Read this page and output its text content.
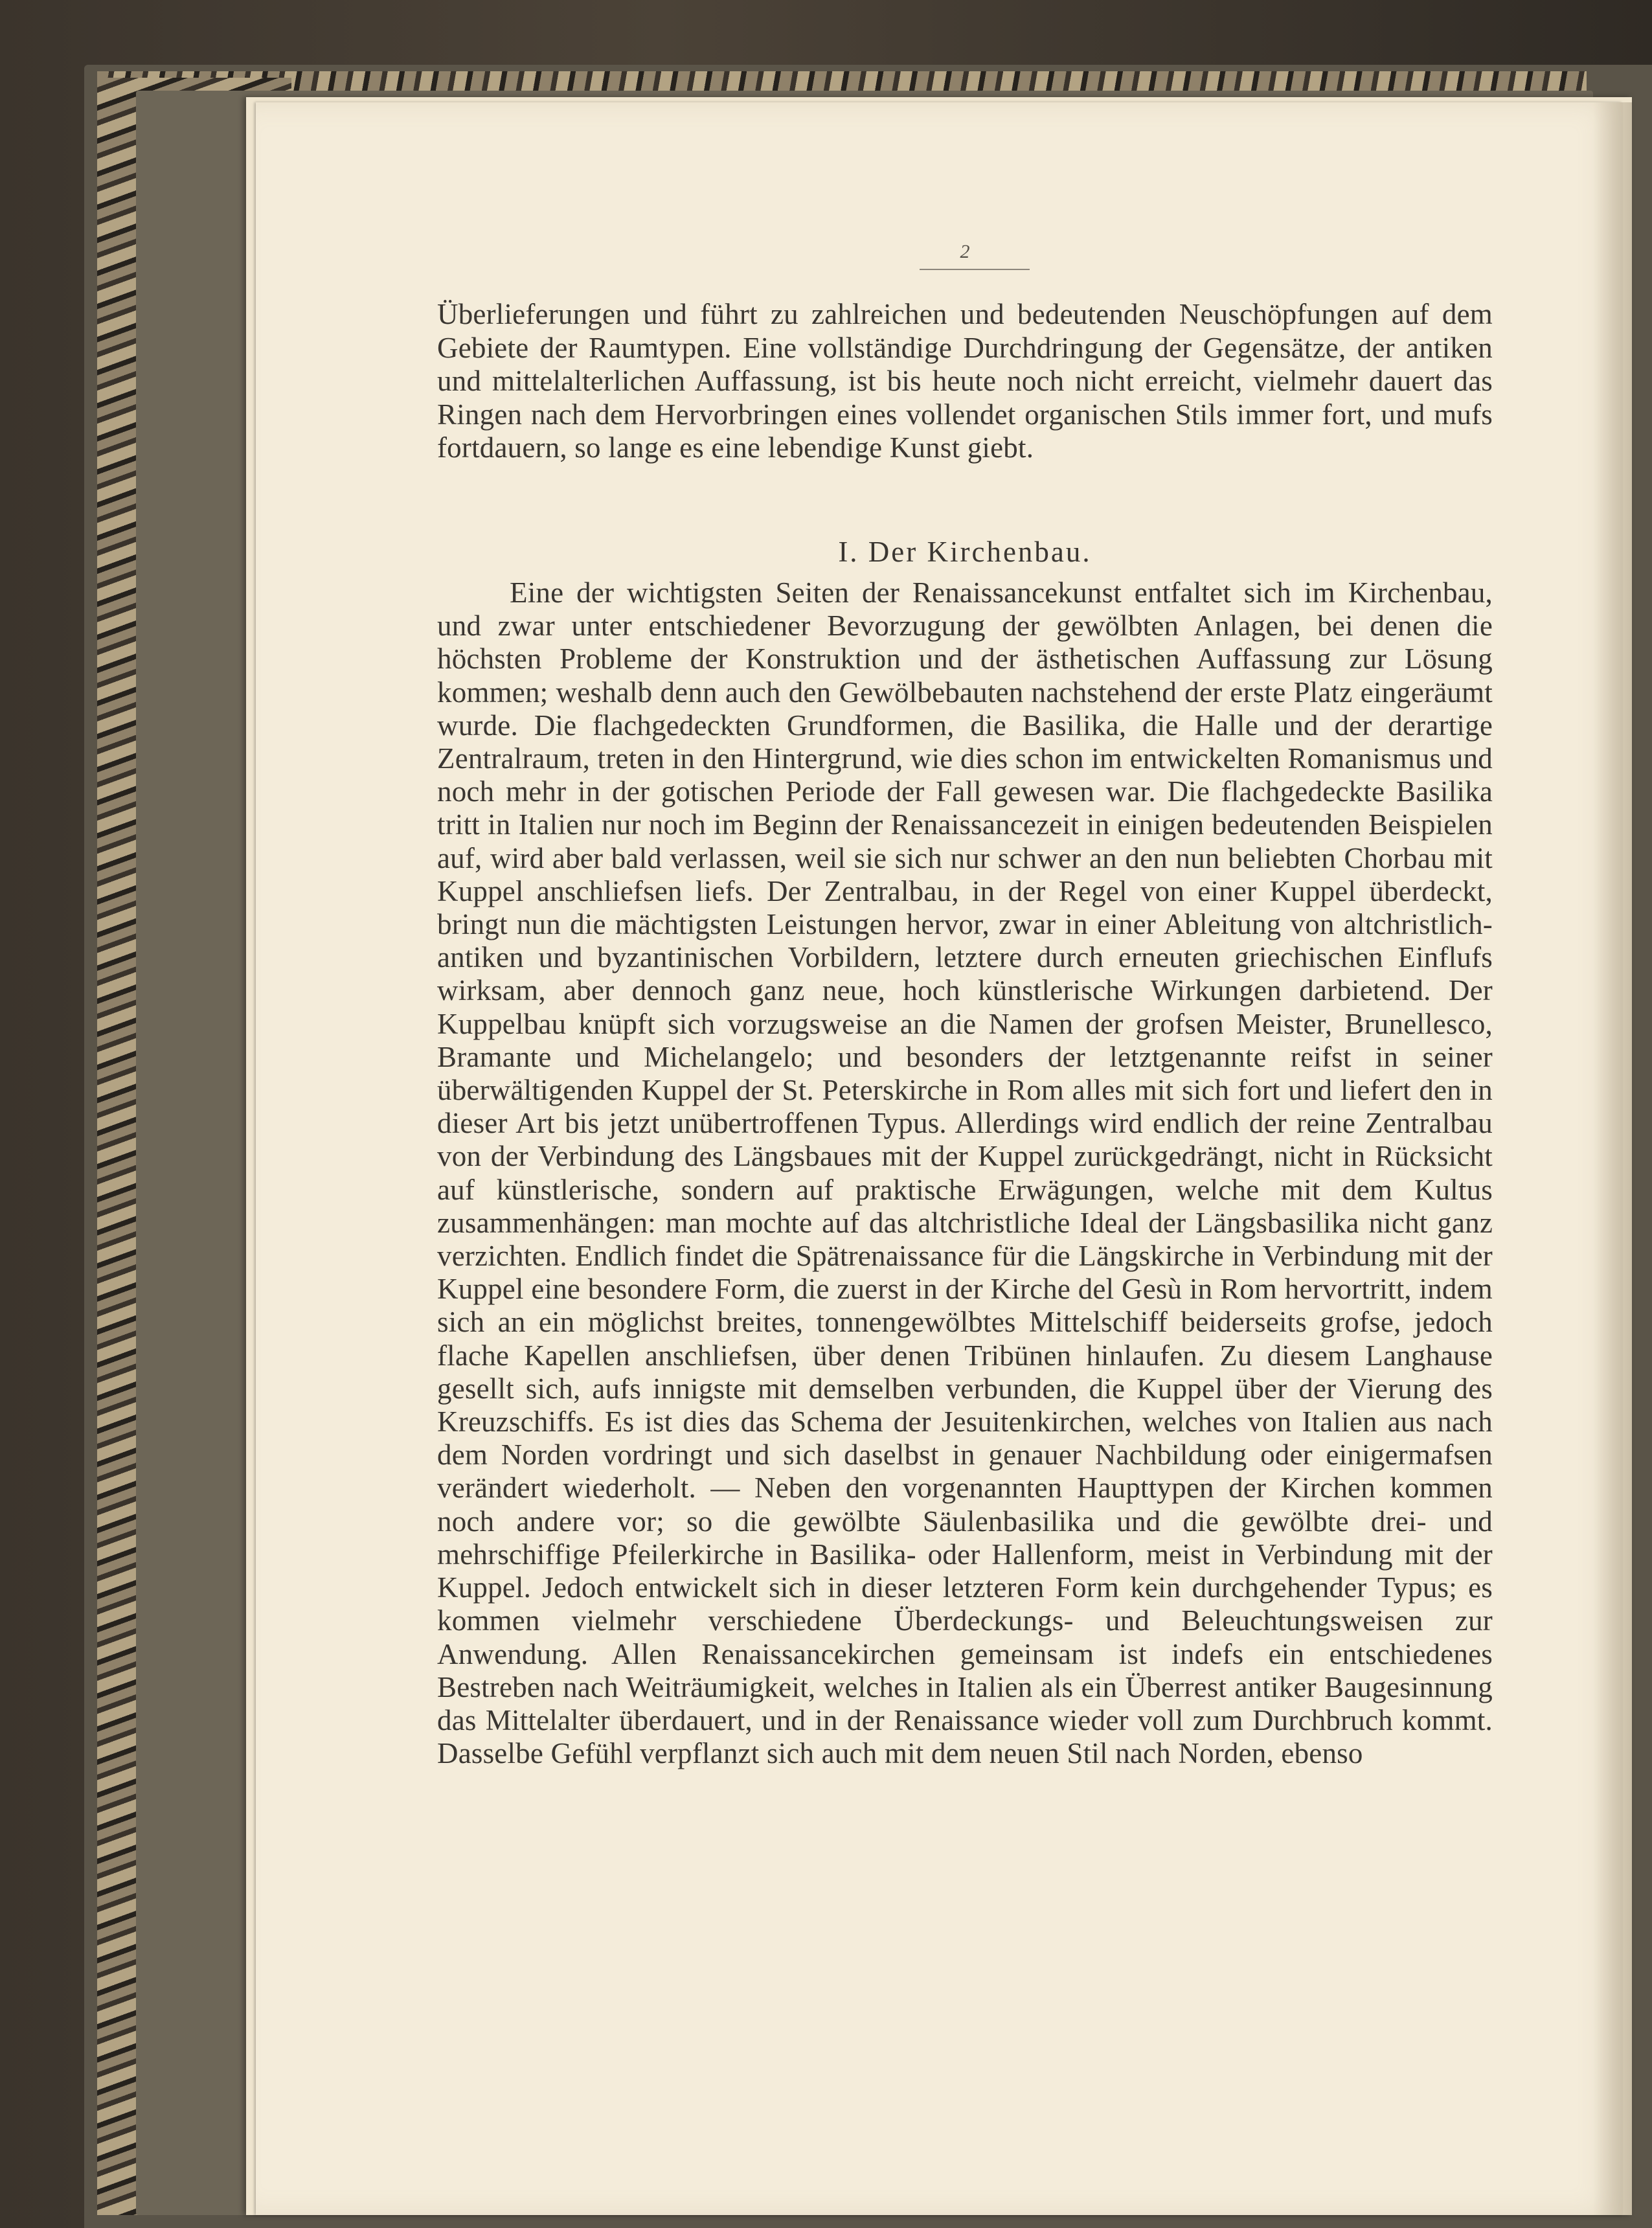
2

Überlieferungen und führt zu zahlreichen und bedeutenden Neuschöpfungen auf dem Gebiete der Raumtypen. Eine vollständige Durchdringung der Gegensätze, der antiken und mittelalterlichen Auffassung, ist bis heute noch nicht erreicht, vielmehr dauert das Ringen nach dem Hervorbringen eines vollendet organischen Stils immer fort, und mufs fortdauern, so lange es eine lebendige Kunst giebt.

I. Der Kirchenbau.

Eine der wichtigsten Seiten der Renaissancekunst entfaltet sich im Kirchenbau, und zwar unter entschiedener Bevorzugung der gewölbten Anlagen, bei denen die höchsten Probleme der Konstruktion und der ästhetischen Auffassung zur Lösung kommen; weshalb denn auch den Gewölbebauten nachstehend der erste Platz eingeräumt wurde. Die flachgedeckten Grundformen, die Basilika, die Halle und der derartige Zentralraum, treten in den Hintergrund, wie dies schon im entwickelten Romanismus und noch mehr in der gotischen Periode der Fall gewesen war. Die flachgedeckte Basilika tritt in Italien nur noch im Beginn der Renaissancezeit in einigen bedeutenden Beispielen auf, wird aber bald verlassen, weil sie sich nur schwer an den nun beliebten Chorbau mit Kuppel anschliefsen liefs. Der Zentralbau, in der Regel von einer Kuppel überdeckt, bringt nun die mächtigsten Leistungen hervor, zwar in einer Ableitung von altchristlich-antiken und byzantinischen Vorbildern, letztere durch erneuten griechischen Einflufs wirksam, aber dennoch ganz neue, hoch künstlerische Wirkungen darbietend. Der Kuppelbau knüpft sich vorzugsweise an die Namen der grofsen Meister, Brunellesco, Bramante und Michelangelo; und besonders der letztgenannte reifst in seiner überwältigenden Kuppel der St. Peterskirche in Rom alles mit sich fort und liefert den in dieser Art bis jetzt unübertroffenen Typus. Allerdings wird endlich der reine Zentralbau von der Verbindung des Längsbaues mit der Kuppel zurückgedrängt, nicht in Rücksicht auf künstlerische, sondern auf praktische Erwägungen, welche mit dem Kultus zusammenhängen: man mochte auf das altchristliche Ideal der Längsbasilika nicht ganz verzichten. Endlich findet die Spätrenaissance für die Längskirche in Verbindung mit der Kuppel eine besondere Form, die zuerst in der Kirche del Gesù in Rom hervortritt, indem sich an ein möglichst breites, tonnengewölbtes Mittelschiff beiderseits grofse, jedoch flache Kapellen anschliefsen, über denen Tribünen hinlaufen. Zu diesem Langhause gesellt sich, aufs innigste mit demselben verbunden, die Kuppel über der Vierung des Kreuzschiffs. Es ist dies das Schema der Jesuitenkirchen, welches von Italien aus nach dem Norden vordringt und sich daselbst in genauer Nachbildung oder einigermafsen verändert wiederholt. — Neben den vorgenannten Haupttypen der Kirchen kommen noch andere vor; so die gewölbte Säulenbasilika und die gewölbte drei- und mehrschiffige Pfeilerkirche in Basilika- oder Hallenform, meist in Verbindung mit der Kuppel. Jedoch entwickelt sich in dieser letzteren Form kein durchgehender Typus; es kommen vielmehr verschiedene Überdeckungs- und Beleuchtungsweisen zur Anwendung. Allen Renaissancekirchen gemeinsam ist indefs ein entschiedenes Bestreben nach Weiträumigkeit, welches in Italien als ein Überrest antiker Baugesinnung das Mittelalter überdauert, und in der Renaissance wieder voll zum Durchbruch kommt. Dasselbe Gefühl verpflanzt sich auch mit dem neuen Stil nach Norden, ebenso
